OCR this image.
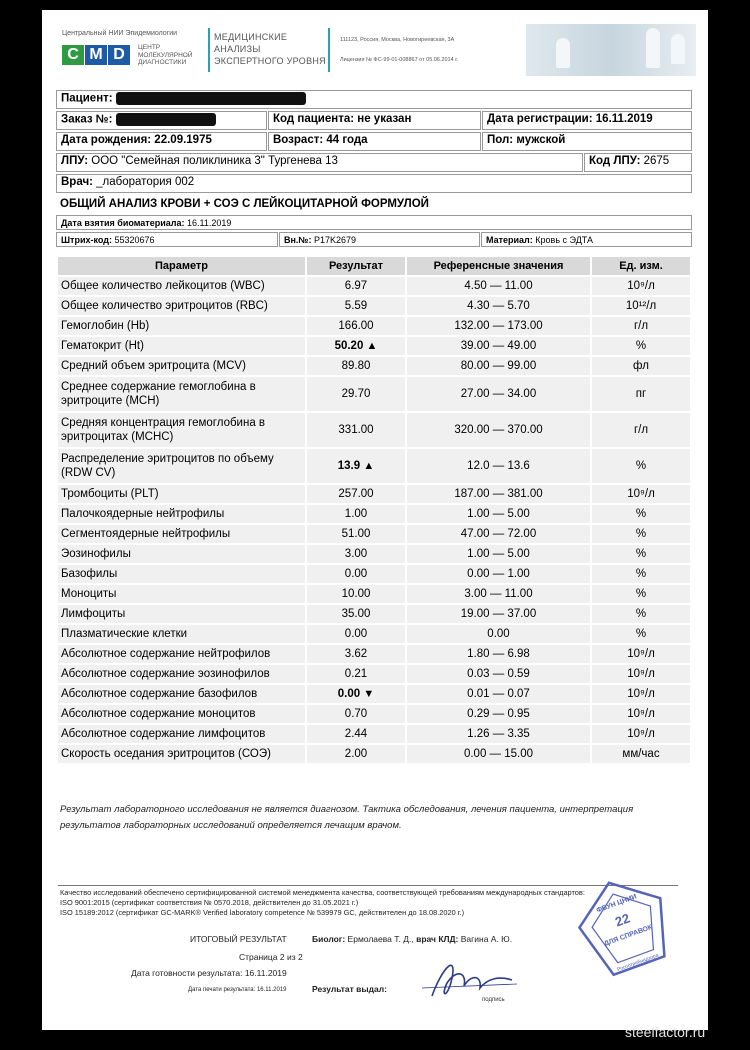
Центральный НИИ Эпидемиологии
C M D	ЦЕНТР МОЛЕКУЛЯРНОЙ ДИАГНОСТИКИ
МЕДИЦИНСКИЕ
АНАЛИЗЫ
ЭКСПЕРТНОГО УРОВНЯ
111123, Россия, Москва, Новогиреевская, 3А
Лицензия № ФС-99-01-008867 от 05.06.2014 г.
Пациент:
Заказ №:	Код пациента: не указан	Дата регистрации: 16.11.2019
Дата рождения: 22.09.1975	Возраст: 44 года	Пол: мужской
ЛПУ: ООО "Семейная поликлиника 3" Тургенева 13	Код ЛПУ: 2675
Врач: _лаборатория 002
ОБЩИЙ АНАЛИЗ КРОВИ + СОЭ С ЛЕЙКОЦИТАРНОЙ ФОРМУЛОЙ
Дата взятия биоматериала: 16.11.2019
Штрих-код: 55320676	Вн.№: P17K2679	Материал: Кровь с ЭДТА
Параметр	Результат	Референсные значения	Ед. изм.
Общее количество лейкоцитов (WBC)	6.97	4.50 — 11.00	10⁹/л
Общее количество эритроцитов (RBC)	5.59	4.30 — 5.70	10¹²/л
Гемоглобин (Hb)	166.00	132.00 — 173.00	г/л
Гематокрит (Ht)	50.20 ▲	39.00 — 49.00	%
Средний объем эритроцита (MCV)	89.80	80.00 — 99.00	фл
Среднее содержание гемоглобина в эритроците (MCH)	29.70	27.00 — 34.00	пг
Средняя концентрация гемоглобина в эритроцитах (MCHC)	331.00	320.00 — 370.00	г/л
Распределение эритроцитов по объему (RDW CV)	13.9 ▲	12.0 — 13.6	%
Тромбоциты (PLT)	257.00	187.00 — 381.00	10⁹/л
Палочкоядерные нейтрофилы	1.00	1.00 — 5.00	%
Сегментоядерные нейтрофилы	51.00	47.00 — 72.00	%
Эозинофилы	3.00	1.00 — 5.00	%
Базофилы	0.00	0.00 — 1.00	%
Моноциты	10.00	3.00 — 11.00	%
Лимфоциты	35.00	19.00 — 37.00	%
Плазматические клетки	0.00	0.00	%
Абсолютное содержание нейтрофилов	3.62	1.80 — 6.98	10⁹/л
Абсолютное содержание эозинофилов	0.21	0.03 — 0.59	10⁹/л
Абсолютное содержание базофилов	0.00 ▼	0.01 — 0.07	10⁹/л
Абсолютное содержание моноцитов	0.70	0.29 — 0.95	10⁹/л
Абсолютное содержание лимфоцитов	2.44	1.26 — 3.35	10⁹/л
Скорость оседания эритроцитов (СОЭ)	2.00	0.00 — 15.00	мм/час
Результат лабораторного исследования не является диагнозом. Тактика обследования, лечения пациента, интерпретация результатов лабораторных исследований определяется лечащим врачом.
Качество исследований обеспечено сертифицированной системой менеджмента качества, соответствующей требованиям международных стандартов:
ISO 9001:2015 (сертификат соответствия № 0570.2018, действителен до 31.05.2021 г.)
ISO 15189:2012 (сертификат GC-MARK® Verified laboratory competence № 539979 GC, действителен до 18.08.2020 г.)
ИТОГОВЫЙ РЕЗУЛЬТАТ	Биолог: Ермолаева Т. Д., врач КЛД: Вагина А. Ю.
Страница 2 из 2
Дата готовности результата: 16.11.2019
Дата печати результата: 16.11.2019	Результат выдал:
подпись
ФБУН ЦНИИ
22
ДЛЯ СПРАВОК
Роспотребнадзора
steelfactor.ru
